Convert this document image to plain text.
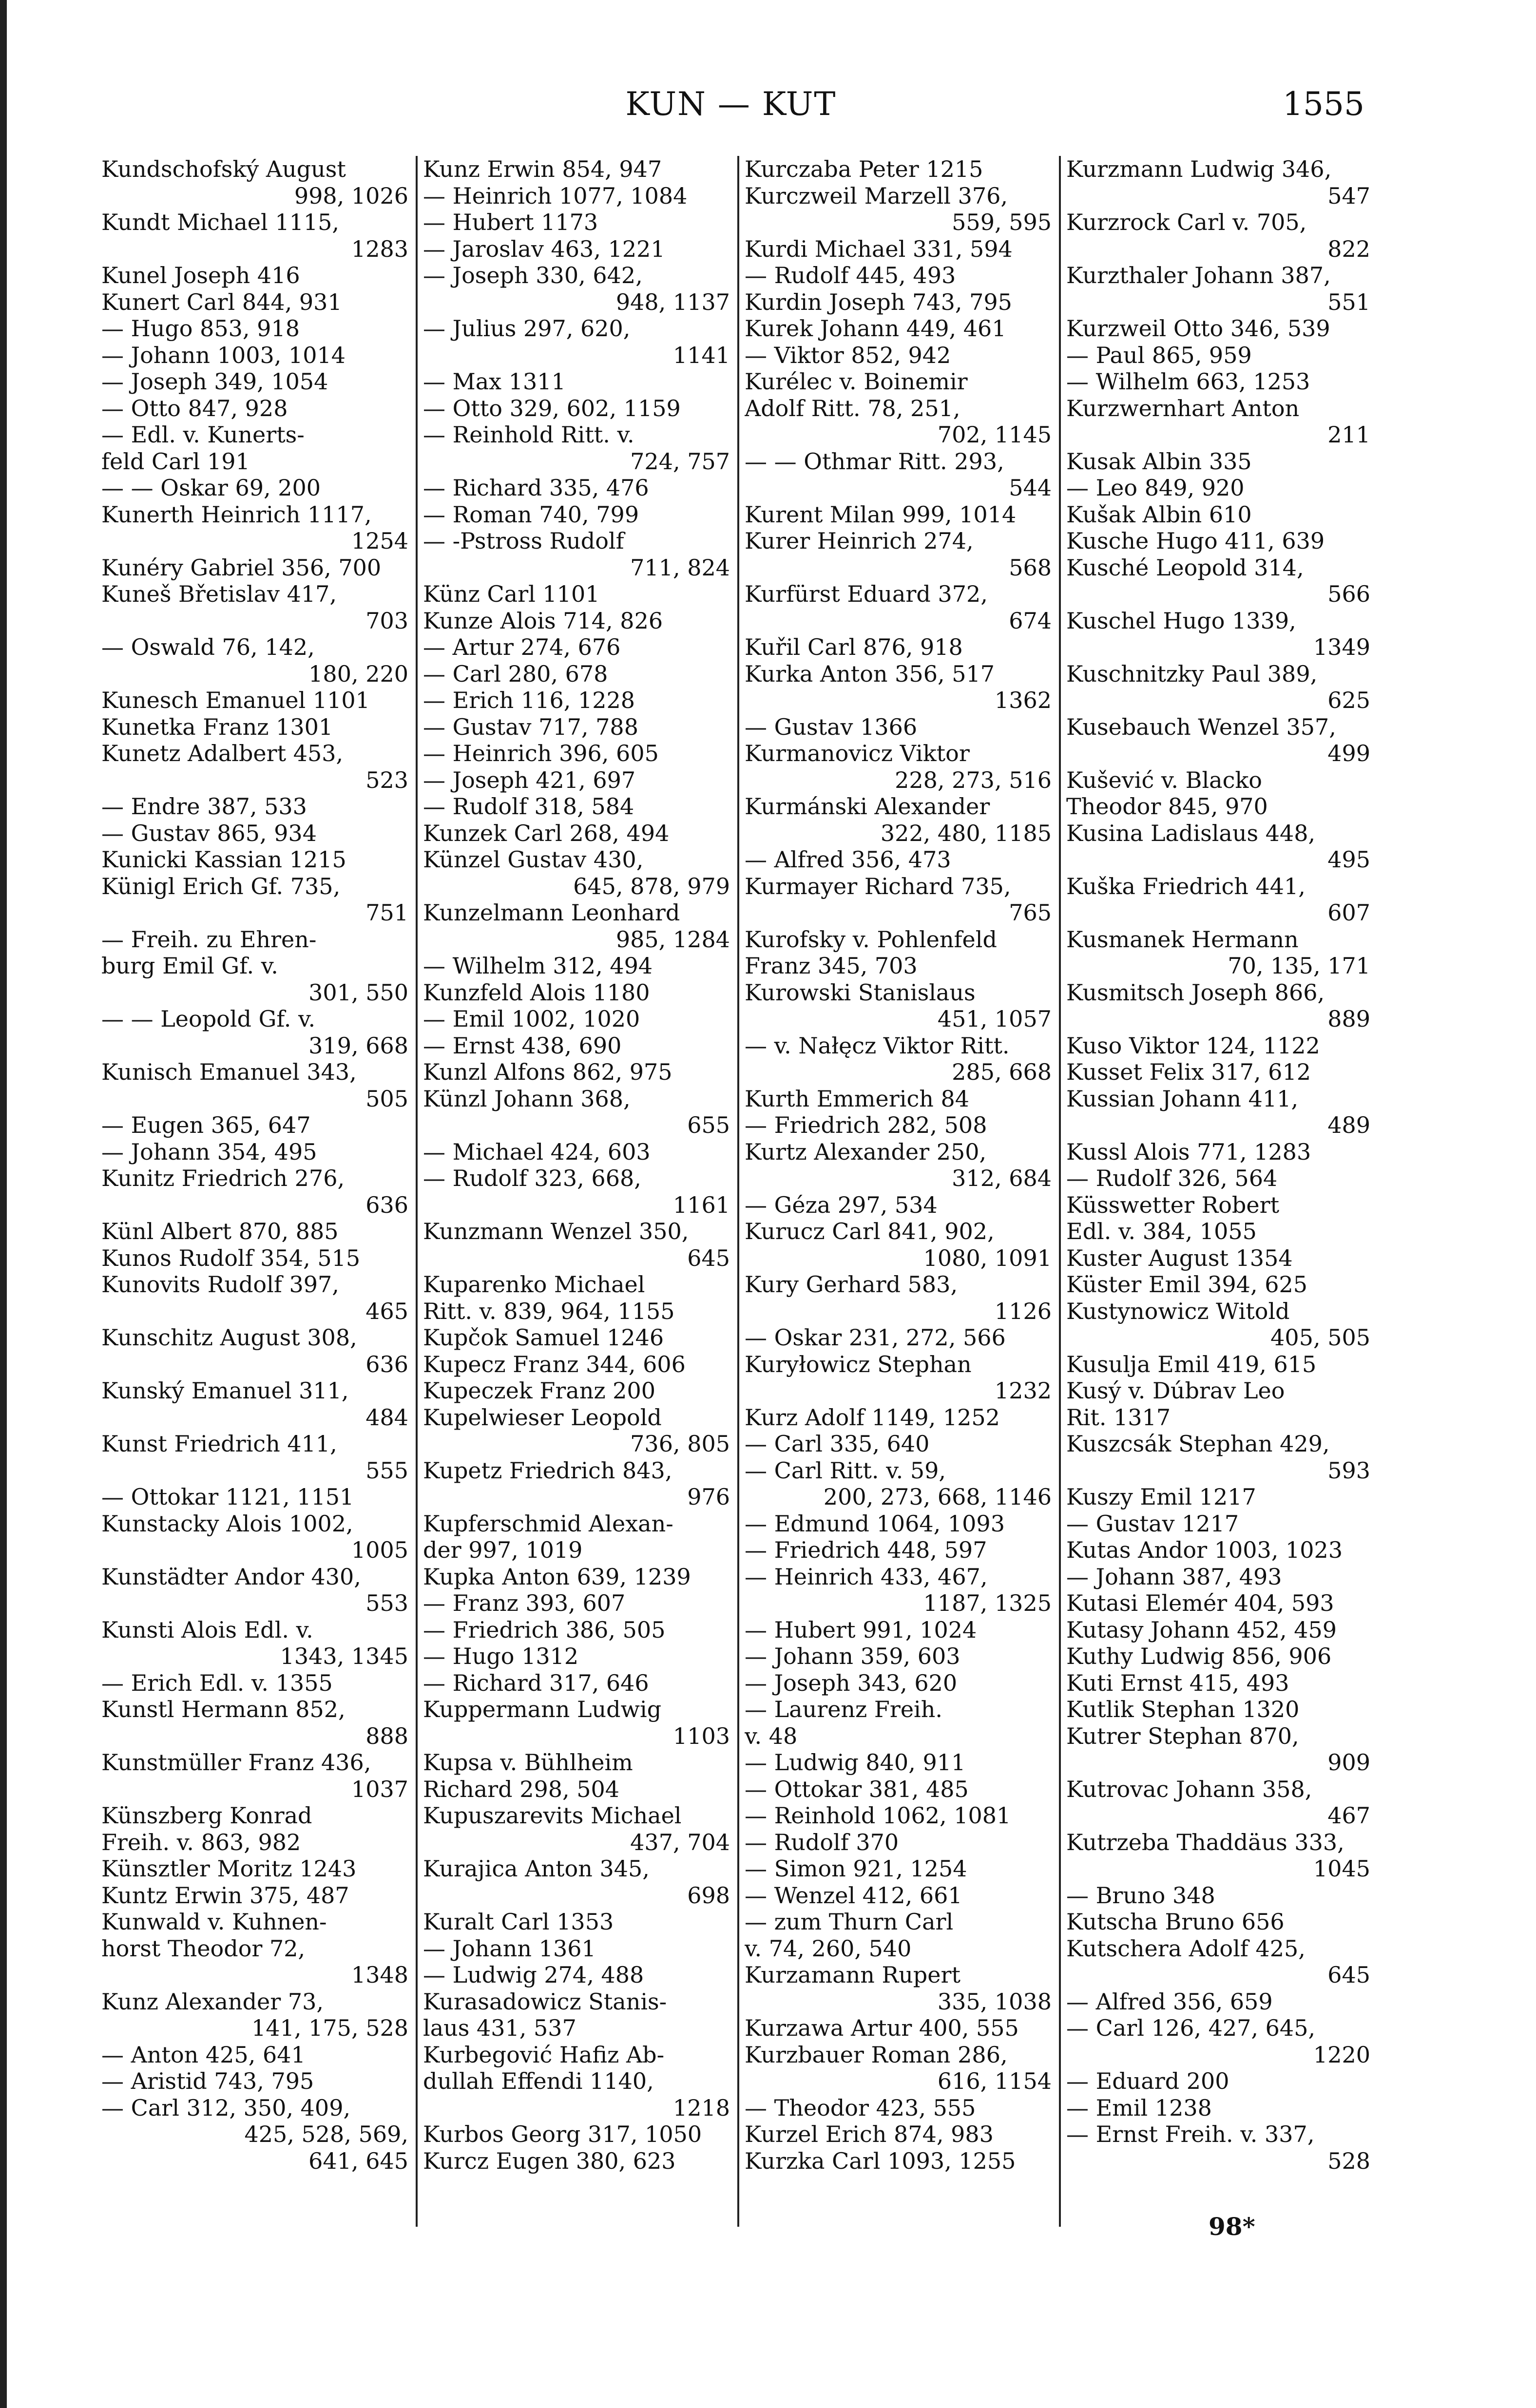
KUN — KUT	1555

Kundschofský August

998, 1026

Kundt Michael 1115,

1283

Kunel Joseph 416

Kunert Carl 844, 931

— Hugo 853, 918

— Johann 1003, 1014

— Joseph 349, 1054

— Otto 847, 928

— Edl. v. Kunerts-

feld Carl 191

— — Oskar 69, 200

Kunerth Heinrich 1117,

1254

Kunéry Gabriel 356, 700

Kuneš Břetislav 417,

703

— Oswald 76, 142,

180, 220

Kunesch Emanuel 1101

Kunetka Franz 1301

Kunetz Adalbert 453,

523

— Endre 387, 533

— Gustav 865, 934

Kunicki Kassian 1215

Künigl Erich Gf. 735,

751

— Freih. zu Ehren-

burg Emil Gf. v.

301, 550

— — Leopold Gf. v.

319, 668

Kunisch Emanuel 343,

505

— Eugen 365, 647

— Johann 354, 495

Kunitz Friedrich 276,

636

Künl Albert 870, 885

Kunos Rudolf 354, 515

Kunovits Rudolf 397,

465

Kunschitz August 308,

636

Kunský Emanuel 311,

484

Kunst Friedrich 411,

555

— Ottokar 1121, 1151

Kunstacky Alois 1002,

1005

Kunstädter Andor 430,

553

Kunsti Alois Edl. v.

1343, 1345

— Erich Edl. v. 1355

Kunstl Hermann 852,

888

Kunstmüller Franz 436,

1037

Künszberg Konrad

Freih. v. 863, 982

Künsztler Moritz 1243

Kuntz Erwin 375, 487

Kunwald v. Kuhnen-

horst Theodor 72,

1348

Kunz Alexander 73,

141, 175, 528

— Anton 425, 641

— Aristid 743, 795

— Carl 312, 350, 409,

425, 528, 569,

641, 645

Kunz Erwin 854, 947

— Heinrich 1077, 1084

— Hubert 1173

— Jaroslav 463, 1221

— Joseph 330, 642,

948, 1137

— Julius 297, 620,

1141

— Max 1311

— Otto 329, 602, 1159

— Reinhold Ritt. v.

724, 757

— Richard 335, 476

— Roman 740, 799

— -Pstross Rudolf

711, 824

Künz Carl 1101

Kunze Alois 714, 826

— Artur 274, 676

— Carl 280, 678

— Erich 116, 1228

— Gustav 717, 788

— Heinrich 396, 605

— Joseph 421, 697

— Rudolf 318, 584

Kunzek Carl 268, 494

Künzel Gustav 430,

645, 878, 979

Kunzelmann Leonhard

985, 1284

— Wilhelm 312, 494

Kunzfeld Alois 1180

— Emil 1002, 1020

— Ernst 438, 690

Kunzl Alfons 862, 975

Künzl Johann 368,

655

— Michael 424, 603

— Rudolf 323, 668,

1161

Kunzmann Wenzel 350,

645

Kuparenko Michael

Ritt. v. 839, 964, 1155

Kupčok Samuel 1246

Kupecz Franz 344, 606

Kupeczek Franz 200

Kupelwieser Leopold

736, 805

Kupetz Friedrich 843,

976

Kupferschmid Alexan-

der 997, 1019

Kupka Anton 639, 1239

— Franz 393, 607

— Friedrich 386, 505

— Hugo 1312

— Richard 317, 646

Kuppermann Ludwig

1103

Kupsa v. Bühlheim

Richard 298, 504

Kupuszarevits Michael

437, 704

Kurajica Anton 345,

698

Kuralt Carl 1353

— Johann 1361

— Ludwig 274, 488

Kurasadowicz Stanis-

laus 431, 537

Kurbegović Hafiz Ab-

dullah Effendi 1140,

1218

Kurbos Georg 317, 1050

Kurcz Eugen 380, 623

Kurczaba Peter 1215

Kurczweil Marzell 376,

559, 595

Kurdi Michael 331, 594

— Rudolf 445, 493

Kurdin Joseph 743, 795

Kurek Johann 449, 461

— Viktor 852, 942

Kurélec v. Boinemir

Adolf Ritt. 78, 251,

702, 1145

— — Othmar Ritt. 293,

544

Kurent Milan 999, 1014

Kurer Heinrich 274,

568

Kurfürst Eduard 372,

674

Kuřil Carl 876, 918

Kurka Anton 356, 517

1362

— Gustav 1366

Kurmanovicz Viktor

228, 273, 516

Kurmánski Alexander

322, 480, 1185

— Alfred 356, 473

Kurmayer Richard 735,

765

Kurofsky v. Pohlenfeld

Franz 345, 703

Kurowski Stanislaus

451, 1057

— v. Nałęcz Viktor Ritt.

285, 668

Kurth Emmerich 84

— Friedrich 282, 508

Kurtz Alexander 250,

312, 684

— Géza 297, 534

Kurucz Carl 841, 902,

1080, 1091

Kury Gerhard 583,

1126

— Oskar 231, 272, 566

Kuryłowicz Stephan

1232

Kurz Adolf 1149, 1252

— Carl 335, 640

— Carl Ritt. v. 59,

200, 273, 668, 1146

— Edmund 1064, 1093

— Friedrich 448, 597

— Heinrich 433, 467,

1187, 1325

— Hubert 991, 1024

— Johann 359, 603

— Joseph 343, 620

— Laurenz Freih.

v. 48

— Ludwig 840, 911

— Ottokar 381, 485

— Reinhold 1062, 1081

— Rudolf 370

— Simon 921, 1254

— Wenzel 412, 661

— zum Thurn Carl

v. 74, 260, 540

Kurzamann Rupert

335, 1038

Kurzawa Artur 400, 555

Kurzbauer Roman 286,

616, 1154

— Theodor 423, 555

Kurzel Erich 874, 983

Kurzka Carl 1093, 1255

Kurzmann Ludwig 346,

547

Kurzrock Carl v. 705,

822

Kurzthaler Johann 387,

551

Kurzweil Otto 346, 539

— Paul 865, 959

— Wilhelm 663, 1253

Kurzwernhart Anton

211

Kusak Albin 335

— Leo 849, 920

Kušak Albin 610

Kusche Hugo 411, 639

Kusché Leopold 314,

566

Kuschel Hugo 1339,

1349

Kuschnitzky Paul 389,

625

Kusebauch Wenzel 357,

499

Kušević v. Blacko

Theodor 845, 970

Kusina Ladislaus 448,

495

Kuška Friedrich 441,

607

Kusmanek Hermann

70, 135, 171

Kusmitsch Joseph 866,

889

Kuso Viktor 124, 1122

Kusset Felix 317, 612

Kussian Johann 411,

489

Kussl Alois 771, 1283

— Rudolf 326, 564

Küsswetter Robert

Edl. v. 384, 1055

Kuster August 1354

Küster Emil 394, 625

Kustynowicz Witold

405, 505

Kusulja Emil 419, 615

Kusý v. Dúbrav Leo

Rit. 1317

Kuszcsák Stephan 429,

593

Kuszy Emil 1217

— Gustav 1217

Kutas Andor 1003, 1023

— Johann 387, 493

Kutasi Elemér 404, 593

Kutasy Johann 452, 459

Kuthy Ludwig 856, 906

Kuti Ernst 415, 493

Kutlik Stephan 1320

Kutrer Stephan 870,

909

Kutrovac Johann 358,

467

Kutrzeba Thaddäus 333,

1045

— Bruno 348

Kutscha Bruno 656

Kutschera Adolf 425,

645

— Alfred 356, 659

— Carl 126, 427, 645,

1220

— Eduard 200

— Emil 1238

— Ernst Freih. v. 337,

528

98*
